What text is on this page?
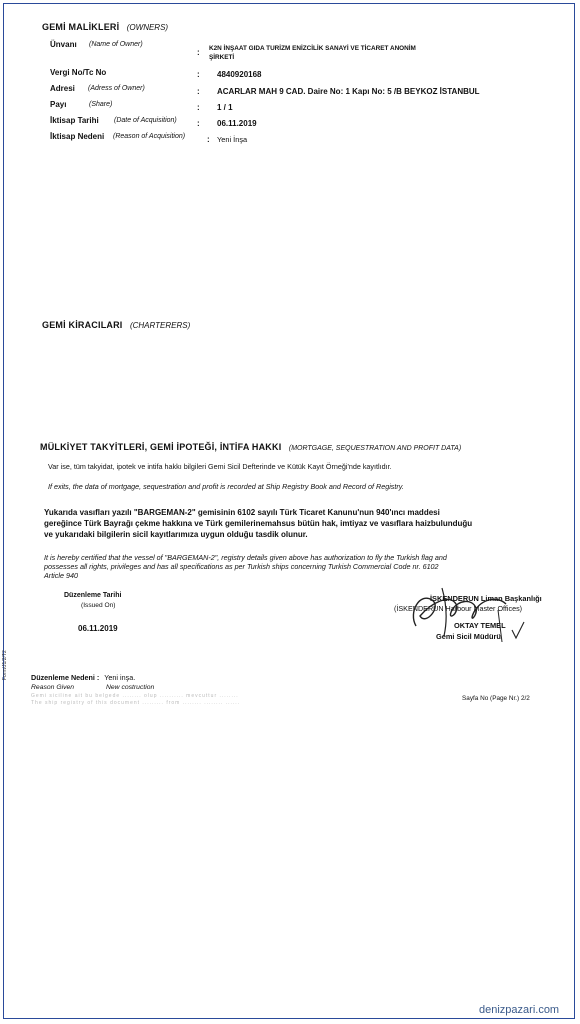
GEMİ MALİKLERİ (OWNERS)
Ünvanı (Name of Owner)
: K2N İNŞAAT GIDA TURİZM ENİZCİLİK SANAYİ VE TİCARET ANONİM
ŞİRKETİ
Vergi No/Tc No	: 4840920168
Adresi (Adress of Owner)	: ACARLAR MAH 9 CAD. Daire No: 1 Kapı No: 5 /B BEYKOZ İSTANBUL
Payı	(Share)	: 1 / 1
İktisap Tarihi (Date of Acquisition)	: 06.11.2019
İktisap Nedeni (Reason of Acquisition)	: Yeni İnşa
GEMİ KİRACILARI (CHARTERERS)
MÜLKİYET TAKYİTLERİ, GEMİ İPOTEĞİ, İNTİFA HAKKI (MORTGAGE, SEQUESTRATION AND PROFIT DATA)
Var ise, tüm takyidat, ipotek ve intifa hakkı bilgileri Gemi Sicil Defterinde ve Kütük Kayıt Örneği'nde kayıtlıdır.
If exits, the data of mortgage, sequestration and profit is recorded at Ship Registry Book and Record of Registry.
Yukarıda vasıfları yazılı "BARGEMAN-2" gemisinin 6102 sayılı Türk Ticaret Kanunu'nun 940'ıncı maddesi
gereğince Türk Bayrağı çekme hakkına ve Türk gemilerinemahsus bütün hak, imtiyaz ve vasıflara haizbulunduğu
ve yukarıdaki bilgilerin sicil kayıtlarımıza uygun olduğu tasdik olunur.
It is hereby certified that the vessel of "BARGEMAN-2", registry details given above has authorization to fly the Turkish flag and
possesses all rights, privileges and has all specifications as per Turkish ships concerning Turkish Commercial Code nr. 6102
Article 940
Düzenleme Tarihi
(Issued On)
06.11.2019
İSKENDERUN Liman Başkanlığı
(İSKENDERUN Harbour Master Offices)
OKTAY TEMEL
Gemi Sicil Müdürü
Form/J1/2/T2	Düzenleme Nedeni : Yeni inşa.
Reason Given	New costruction
Gemi siciline ait bu belgede ........ olup .......... mevcuttur ........
The ship registry of this document ......... from ........ ........ ......
Sayfa No (Page Nr.) 2/2
denizpazari.com
